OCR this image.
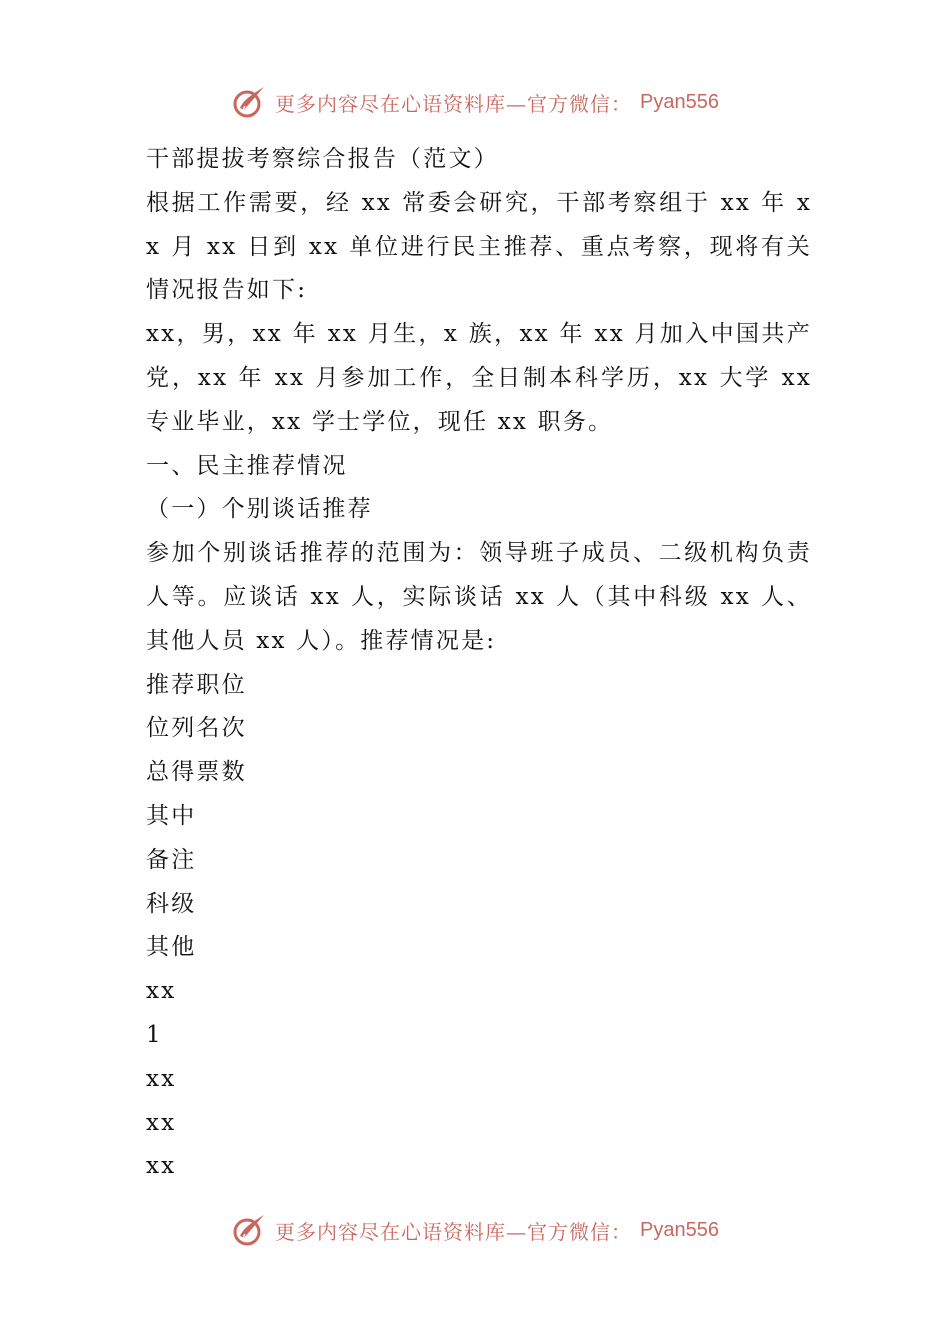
更多内容尽在心语资料库—官方微信： Pyan556

干部提拔考察综合报告（范文）

根据工作需要，经 xx 常委会研究，干部考察组于 xx 年 xx 月 xx 日到 xx 单位进行民主推荐、重点考察，现将有关情况报告如下:

xx，男，xx 年 xx 月生，x 族，xx 年 xx 月加入中国共产党，xx 年 xx 月参加工作，全日制本科学历，xx 大学 xx 专业毕业，xx 学士学位，现任 xx 职务。

一、民主推荐情况

（一）个别谈话推荐

参加个别谈话推荐的范围为：领导班子成员、二级机构负责人等。应谈话 xx 人，实际谈话 xx 人（其中科级 xx 人、其他人员 xx 人）。推荐情况是:

推荐职位

位列名次

总得票数

其中

备注

科级

其他

xx

1

xx

xx

xx

更多内容尽在心语资料库—官方微信： Pyan556
